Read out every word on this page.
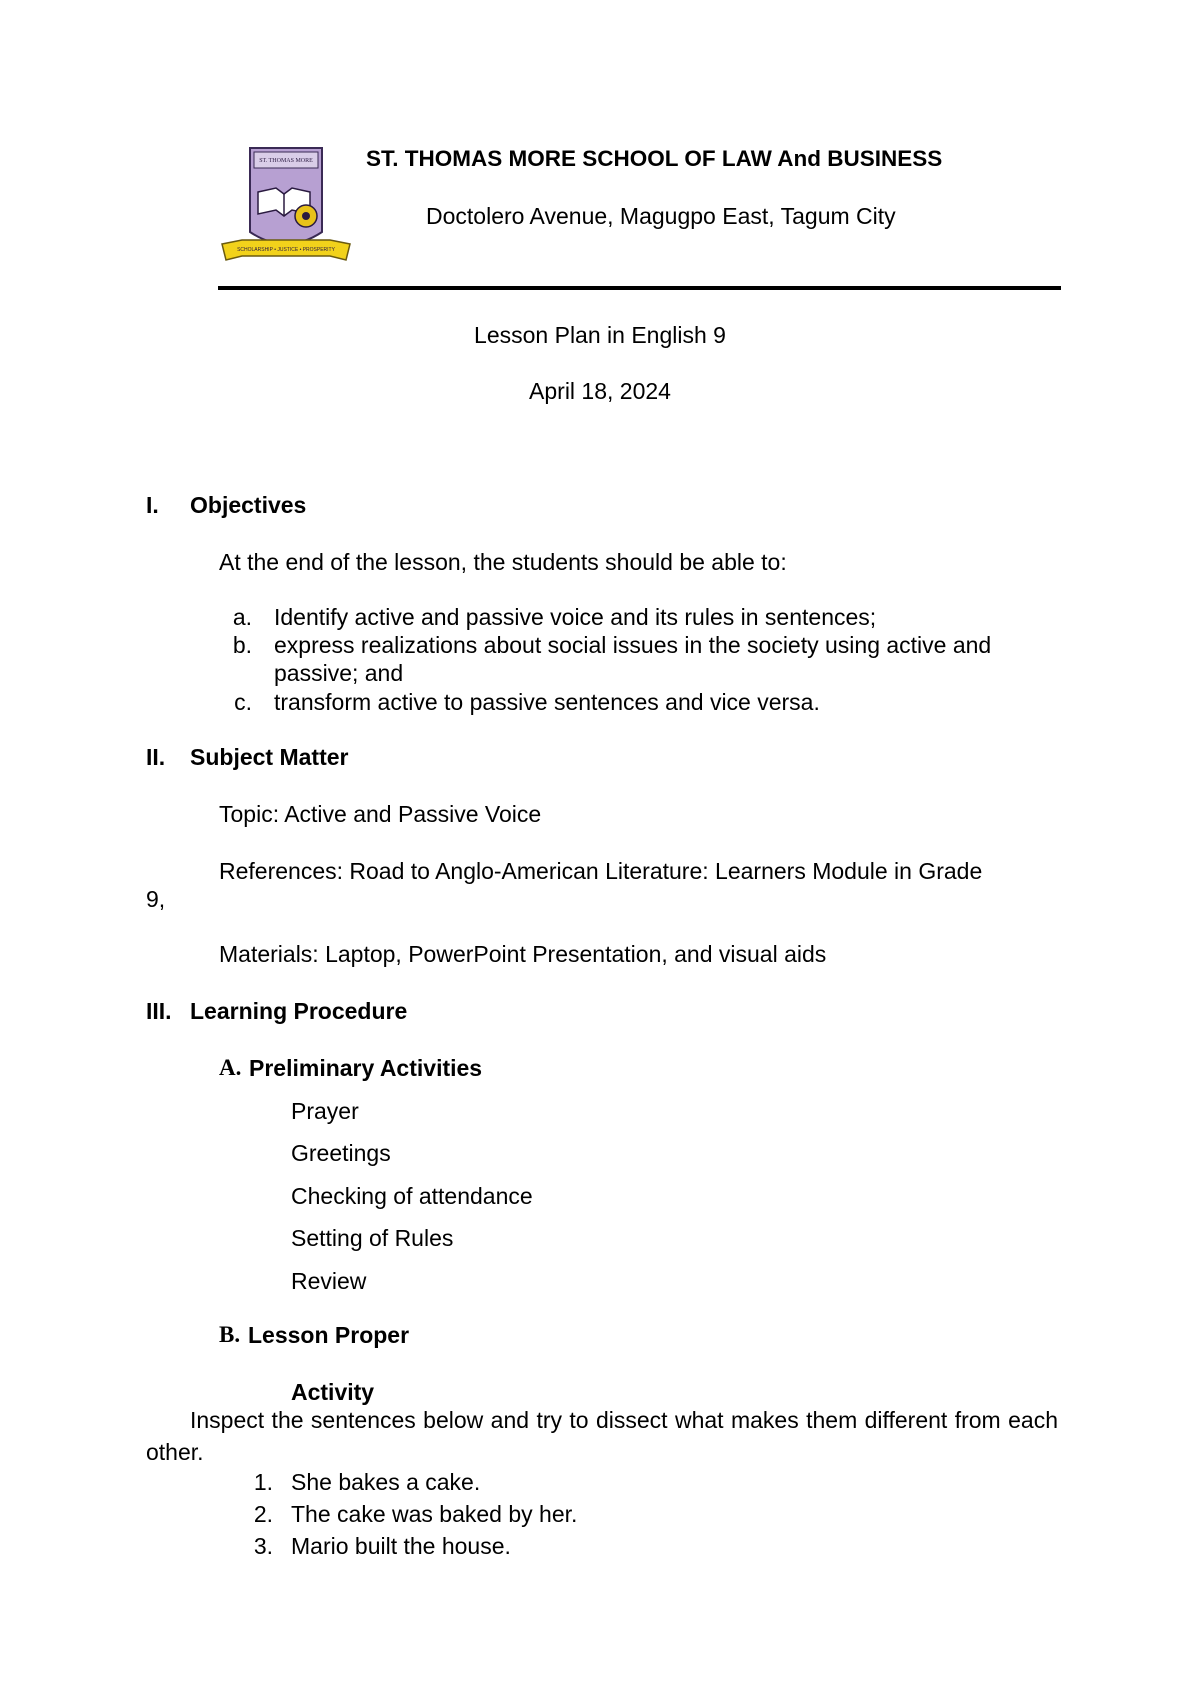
ST. THOMAS MORE
SCHOLARSHIP • JUSTICE • PROSPERITY
ST. THOMAS MORE SCHOOL OF LAW And BUSINESS
Doctolero Avenue, Magugpo East, Tagum City
Lesson Plan in English 9
April 18, 2024
I. Objectives
At the end of the lesson, the students should be able to:
a. Identify active and passive voice and its rules in sentences;
b. express realizations about social issues in the society using active and
passive; and
c. transform active to passive sentences and vice versa.
II. Subject Matter
Topic: Active and Passive Voice
References: Road to Anglo-American Literature: Learners Module in Grade
9,
Materials: Laptop, PowerPoint Presentation, and visual aids
III. Learning Procedure
A. Preliminary Activities
Prayer
Greetings
Checking of attendance
Setting of Rules
Review
B. Lesson Proper
Activity
Inspect the sentences below and try to dissect what makes them different from each other.
1. She bakes a cake.
2. The cake was baked by her.
3. Mario built the house.
